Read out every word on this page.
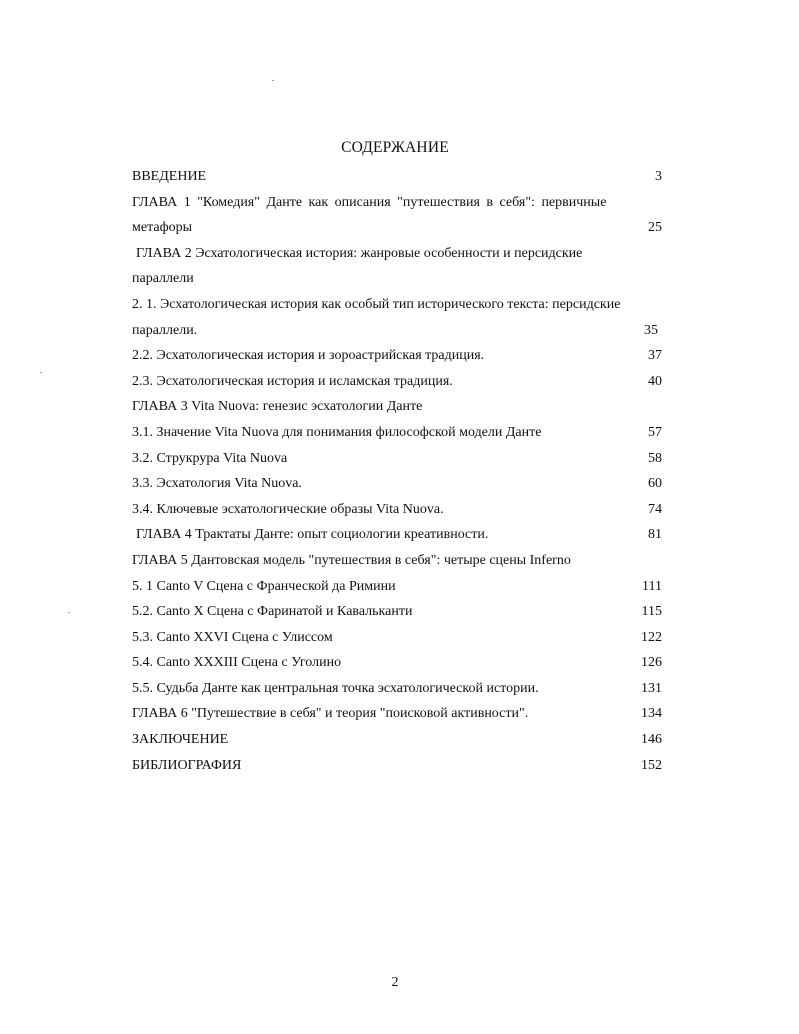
СОДЕРЖАНИЕ
ВВЕДЕНИЕ	3
ГЛАВА 1 "Комедия" Данте как описания "путешествия в себя": первичные
метафоры	25
ГЛАВА 2 Эсхатологическая история: жанровые особенности и персидские
параллели
2. 1. Эсхатологическая история как особый тип исторического текста: персидские
параллели.	35
2.2. Эсхатологическая история и зороастрийская традиция.	37
2.3. Эсхатологическая история и исламская традиция.	40
ГЛАВА 3 Vita Nuova: генезис эсхатологии Данте
3.1. Значение Vita Nuova для понимания философской модели Данте	57
3.2. Струкрура Vita Nuova	58
3.3. Эсхатология Vita Nuova.	60
3.4. Ключевые эсхатологические образы Vita Nuova.	74
ГЛАВА 4 Трактаты Данте: опыт социологии креативности.	81
ГЛАВА 5 Дантовская модель "путешествия в себя": четыре сцены Inferno
5. 1 Canto V Сцена с Франческой да Римини	111
5.2. Canto X Сцена с Фаринатой и Кавальканти	115
5.3. Canto XXVI Сцена с Улиссом	122
5.4. Canto XXXIII Сцена с Уголино	126
5.5. Судьба Данте как центральная точка эсхатологической истории.	131
ГЛАВА 6 "Путешествие в себя" и теория "поисковой активности".	134
ЗАКЛЮЧЕНИЕ	146
БИБЛИОГРАФИЯ	152
2
